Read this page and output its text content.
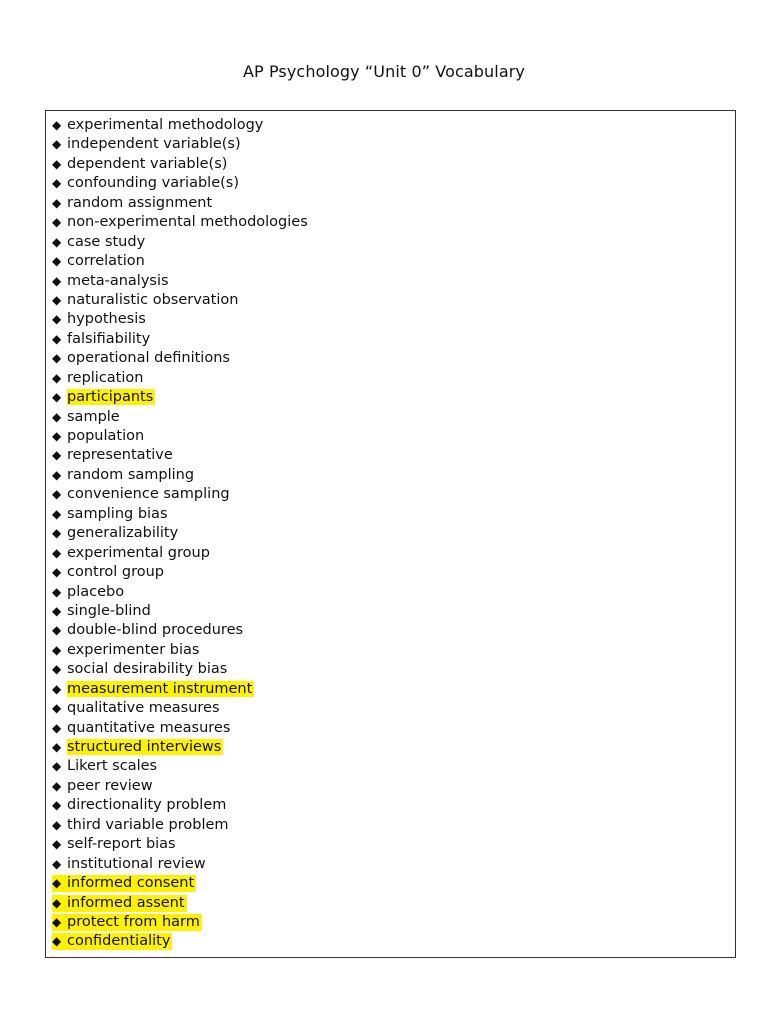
AP Psychology “Unit 0” Vocabulary
◆ experimental methodology
◆ independent variable(s)
◆ dependent variable(s)
◆ confounding variable(s)
◆ random assignment
◆ non-experimental methodologies
◆ case study
◆ correlation
◆ meta-analysis
◆ naturalistic observation
◆ hypothesis
◆ falsifiability
◆ operational definitions
◆ replication
◆ participants
◆ sample
◆ population
◆ representative
◆ random sampling
◆ convenience sampling
◆ sampling bias
◆ generalizability
◆ experimental group
◆ control group
◆ placebo
◆ single-blind
◆ double-blind procedures
◆ experimenter bias
◆ social desirability bias
◆ measurement instrument
◆ qualitative measures
◆ quantitative measures
◆ structured interviews
◆ Likert scales
◆ peer review
◆ directionality problem
◆ third variable problem
◆ self-report bias
◆ institutional review
◆ informed consent
◆ informed assent
◆ protect from harm
◆ confidentiality
